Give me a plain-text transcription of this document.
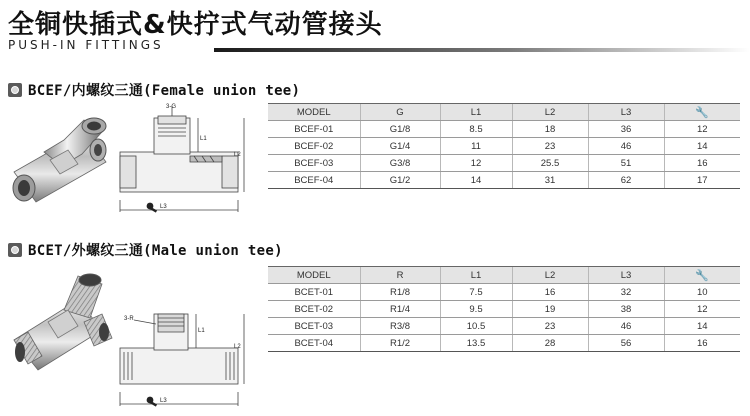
全铜快插式&快拧式气动管接头
PUSH-IN FITTINGS
BCEF/内螺纹三通(Female union tee)
3-G
L1
L2
L3
MODEL	G	L1	L2	L3	🔧
BCEF-01	G1/8	8.5	18	36	12
BCEF-02	G1/4	11	23	46	14
BCEF-03	G3/8	12	25.5	51	16
BCEF-04	G1/2	14	31	62	17
BCET/外螺纹三通(Male union tee)
3-R
L1
L2
L3
MODEL	R	L1	L2	L3	🔧
BCET-01	R1/8	7.5	16	32	10
BCET-02	R1/4	9.5	19	38	12
BCET-03	R3/8	10.5	23	46	14
BCET-04	R1/2	13.5	28	56	16
